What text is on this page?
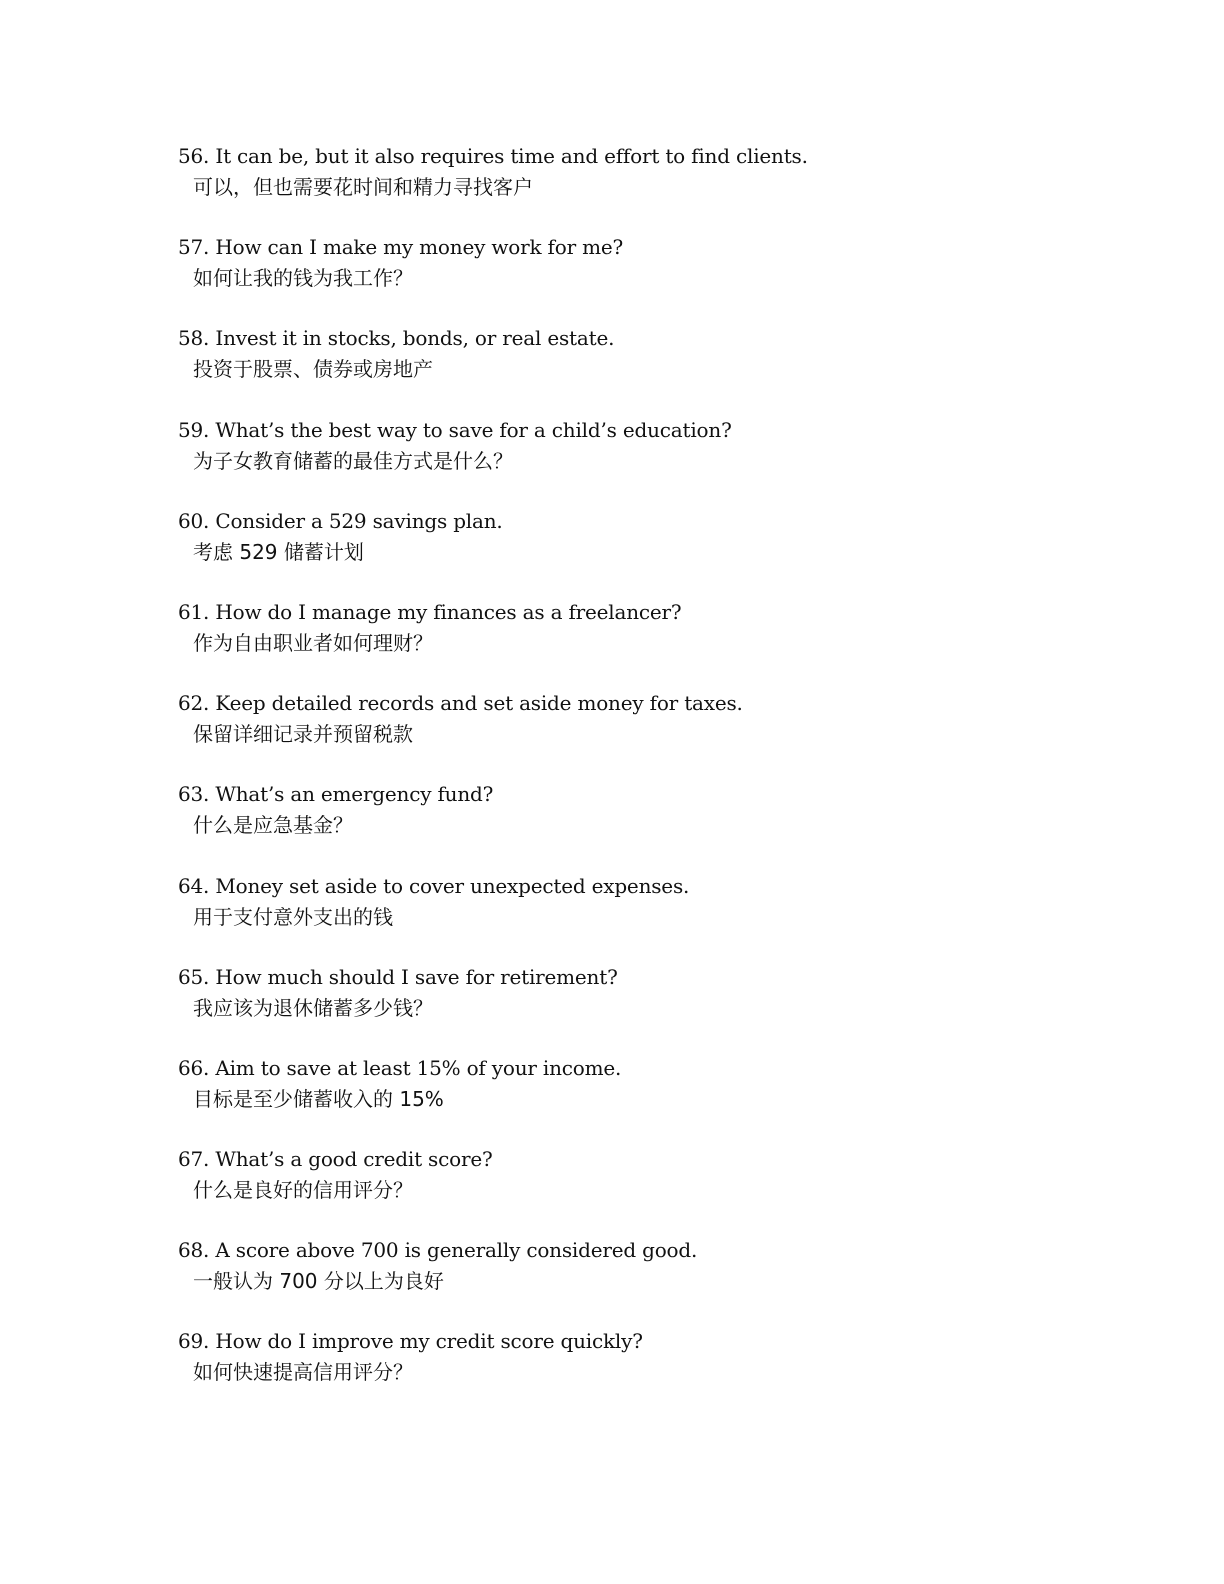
56. It can be, but it also requires time and effort to find clients.
可以，但也需要花时间和精力寻找客户
57. How can I make my money work for me?
如何让我的钱为我工作？
58. Invest it in stocks, bonds, or real estate.
投资于股票、债券或房地产
59. What’s the best way to save for a child’s education?
为子女教育储蓄的最佳方式是什么？
60. Consider a 529 savings plan.
考虑 529 储蓄计划
61. How do I manage my finances as a freelancer?
作为自由职业者如何理财？
62. Keep detailed records and set aside money for taxes.
保留详细记录并预留税款
63. What’s an emergency fund?
什么是应急基金？
64. Money set aside to cover unexpected expenses.
用于支付意外支出的钱
65. How much should I save for retirement?
我应该为退休储蓄多少钱？
66. Aim to save at least 15% of your income.
目标是至少储蓄收入的 15%
67. What’s a good credit score?
什么是良好的信用评分？
68. A score above 700 is generally considered good.
一般认为 700 分以上为良好
69. How do I improve my credit score quickly?
如何快速提高信用评分？
